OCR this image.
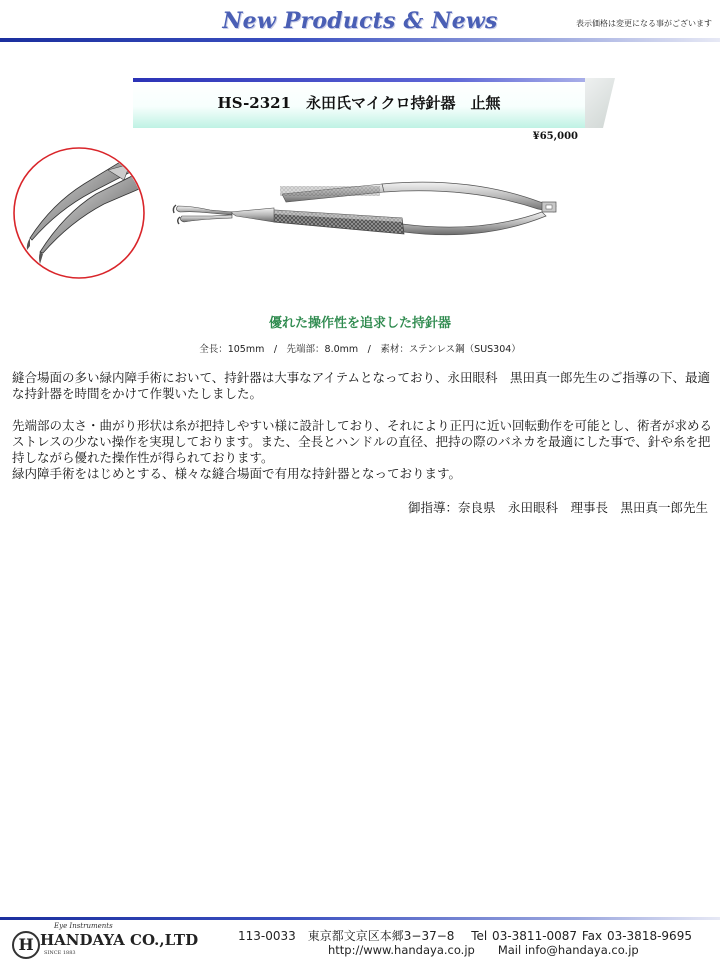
New Products & News	表示価格は変更になる事がございます
HS-2321　永田氏マイクロ持針器　止無
¥65,000
優れた操作性を追求した持針器
全長：105mm　/　先端部：8.0mm　/　素材：ステンレス鋼（SUS304）
縫合場面の多い緑内障手術において、持針器は大事なアイテムとなっており、永田眼科　黒田真一郎先生のご指導の下、最適な持針器を時間をかけて作製いたしました。
先端部の太さ・曲がり形状は糸が把持しやすい様に設計しており、それにより正円に近い回転動作を可能とし、術者が求めるストレスの少ない操作を実現しております。また、全長とハンドルの直径、把持の際のバネカを最適にした事で、針や糸を把持しながら優れた操作性が得られております。
緑内障手術をはじめとする、様々な縫合場面で有用な持針器となっております。
御指導：奈良県　永田眼科　理事長　黒田真一郎先生
Eye Instruments
H HANDAYA CO.,LTD
SINCE 1883
113-0033　東京都文京区本郷3−37−8　 Tel 03-3811-0087 Fax 03-3818-9695
http://www.handaya.co.jp　　Mail info@handaya.co.jp
